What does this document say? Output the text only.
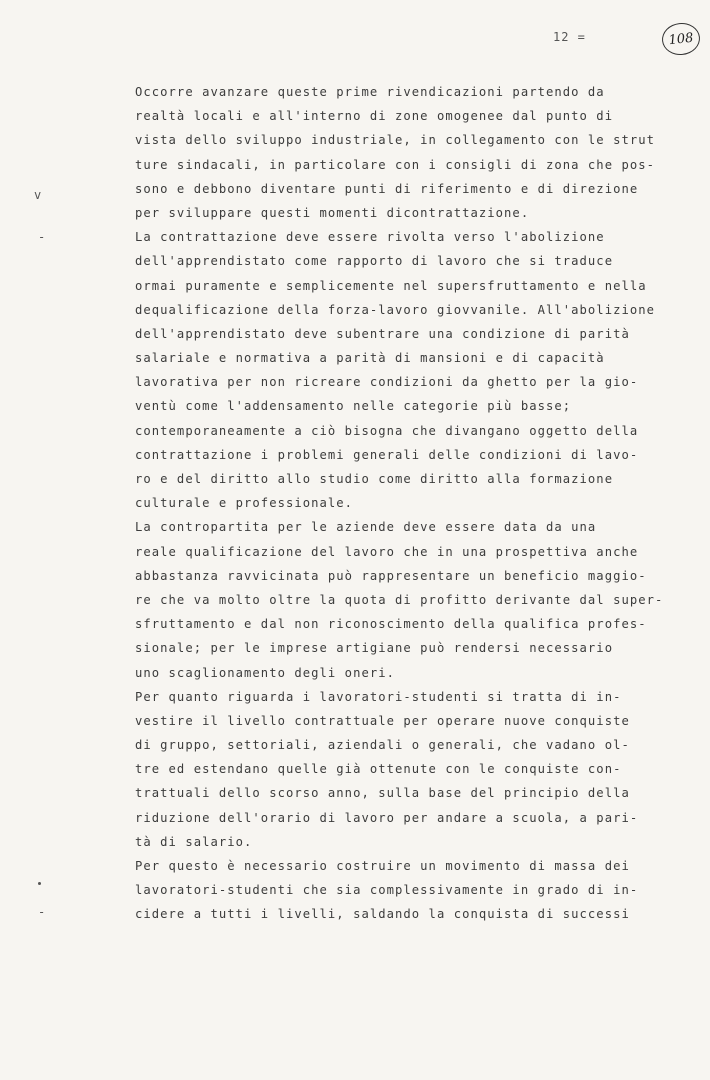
12 =	108
v
-
-
Occorre avanzare queste prime rivendicazioni partendo da
realtà locali e all'interno di zone omogenee dal punto di
vista dello sviluppo industriale, in collegamento con le strut
ture sindacali, in particolare con i consigli di zona che pos-
sono e debbono diventare punti di riferimento e di direzione
per sviluppare questi momenti dicontrattazione.
La contrattazione deve essere rivolta verso l'abolizione
dell'apprendistato come rapporto di lavoro che si traduce
ormai puramente e semplicemente nel supersfruttamento e nella
dequalificazione della forza-lavoro giovvanile. All'abolizione
dell'apprendistato deve subentrare una condizione di parità
salariale e normativa a parità di mansioni e di capacità
lavorativa per non ricreare condizioni da ghetto per la gio-
ventù come l'addensamento nelle categorie più basse;
contemporaneamente a ciò bisogna che divangano oggetto della
contrattazione i problemi generali delle condizioni di lavo-
ro e del diritto allo studio come diritto alla formazione
culturale e professionale.
La contropartita per le aziende deve essere data da una
reale qualificazione del lavoro che in una prospettiva anche
abbastanza ravvicinata può rappresentare un beneficio maggio-
re che va molto oltre la quota di profitto derivante dal super-
sfruttamento e dal non riconoscimento della qualifica profes-
sionale; per le imprese artigiane può rendersi necessario
uno scaglionamento degli oneri.
Per quanto riguarda i lavoratori-studenti si tratta di in-
vestire il livello contrattuale per operare nuove conquiste
di gruppo, settoriali, aziendali o generali, che vadano ol-
tre ed estendano quelle già ottenute con le conquiste con-
trattuali dello scorso anno, sulla base del principio della
riduzione dell'orario di lavoro per andare a scuola, a pari-
tà di salario.
Per questo è necessario costruire un movimento di massa dei
lavoratori-studenti che sia complessivamente in grado di in-
cidere a tutti i livelli, saldando la conquista di successi
